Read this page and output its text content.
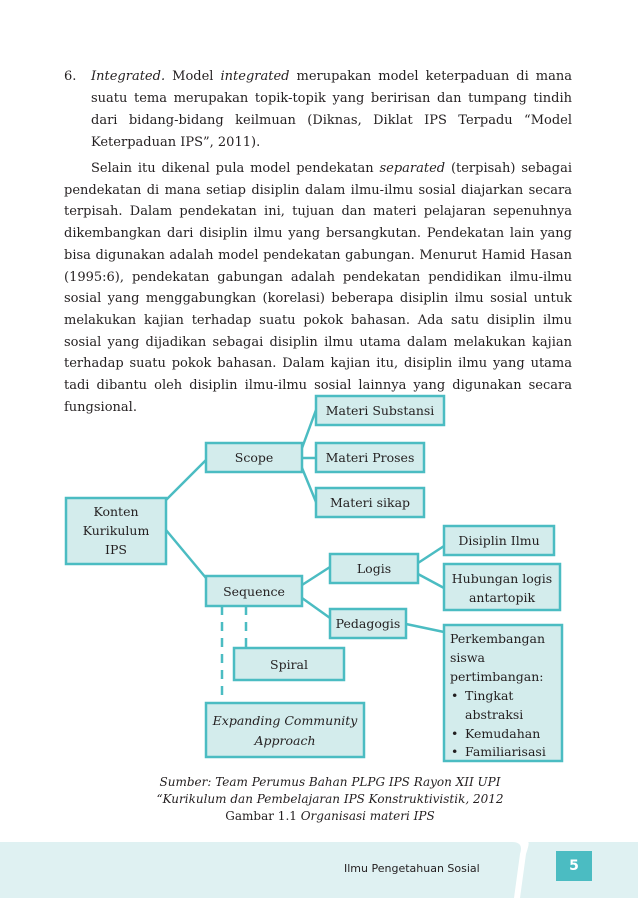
6. Integrated. Model integrated merupakan model keterpaduan di mana suatu tema merupakan topik-topik yang beririsan dan tumpang tindih dari bidang-bidang keilmuan (Diknas, Diklat IPS Terpadu “Model Keterpaduan IPS”, 2011).

Selain itu dikenal pula model pendekatan separated (terpisah) sebagai pendekatan di mana setiap disiplin dalam ilmu-ilmu sosial diajarkan secara terpisah. Dalam pendekatan ini, tujuan dan materi pelajaran sepenuhnya dikembangkan dari disiplin ilmu yang bersangkutan. Pendekatan lain yang bisa digunakan adalah model pendekatan gabungan. Menurut Hamid Hasan (1995:6), pendekatan gabungan adalah pendekatan pendidikan ilmu-ilmu sosial yang menggabungkan (korelasi) beberapa disiplin ilmu sosial untuk melakukan kajian terhadap suatu pokok bahasan. Ada satu disiplin ilmu sosial yang dijadikan sebagai disiplin ilmu utama dalam melakukan kajian terhadap suatu pokok bahasan. Dalam kajian itu, disiplin ilmu yang utama tadi dibantu oleh disiplin ilmu-ilmu sosial lainnya yang digunakan secara fungsional.	Materi Substansi
Scope	Materi Proses
Materi sikap
Konten
Kurikulum
IPS
Disiplin Ilmu
Logis
Hubungan logis
antartopik
Sequence
Pedagogis
Perkembangan
siswa
pertimbangan:
• Tingkat
abstraksi
• Kemudahan
• Familiarisasi
Spiral
Expanding Community
Approach
Sumber: Team Perumus Bahan PLPG IPS Rayon XII UPI
“Kurikulum dan Pembelajaran IPS Konstruktivistik, 2012
Gambar 1.1 Organisasi materi IPS
Ilmu Pengetahuan Sosial	5
